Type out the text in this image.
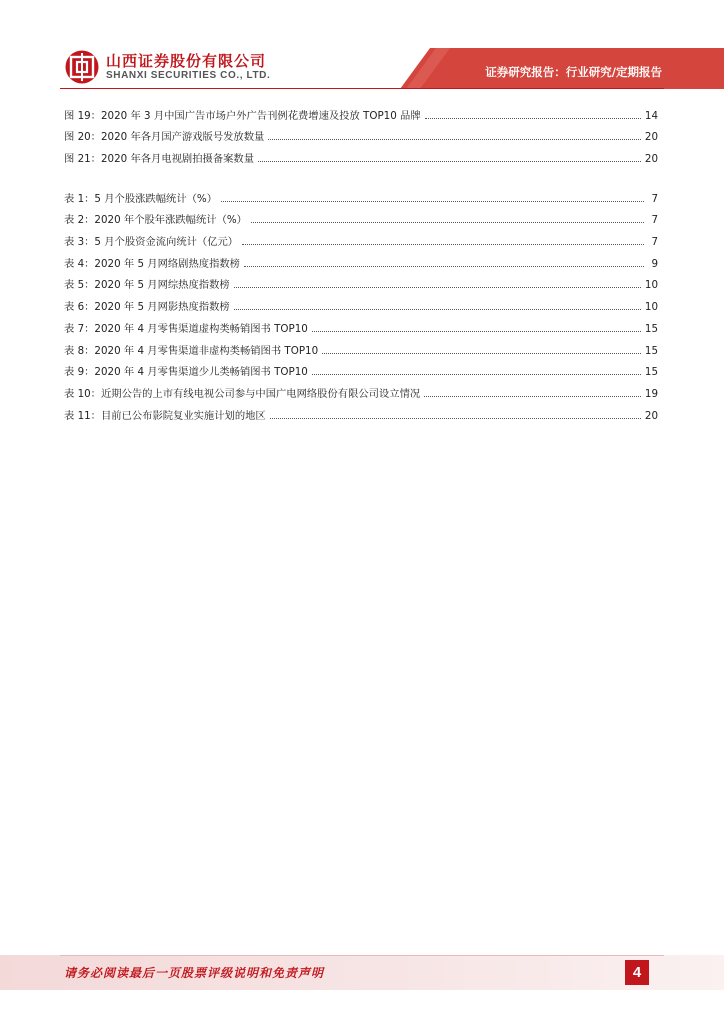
山西证券股份有限公司
SHANXI SECURITIES CO., LTD.	证券研究报告：行业研究/定期报告
图 19：2020 年 3 月中国广告市场户外广告刊例花费增速及投放 TOP10 品牌	14
图 20：2020 年各月国产游戏版号发放数量	20
图 21：2020 年各月电视剧拍摄备案数量	20
表 1：5 月个股涨跌幅统计（%）	7
表 2：2020 年个股年涨跌幅统计（%）	7
表 3：5 月个股资金流向统计（亿元）	7
表 4：2020 年 5 月网络剧热度指数榜	9
表 5：2020 年 5 月网综热度指数榜	10
表 6：2020 年 5 月网影热度指数榜	10
表 7：2020 年 4 月零售渠道虚构类畅销图书 TOP10	15
表 8：2020 年 4 月零售渠道非虚构类畅销图书 TOP10	15
表 9：2020 年 4 月零售渠道少儿类畅销图书 TOP10	15
表 10：近期公告的上市有线电视公司参与中国广电网络股份有限公司设立情况	19
表 11：目前已公布影院复业实施计划的地区	20
请务必阅读最后一页股票评级说明和免责声明	4
